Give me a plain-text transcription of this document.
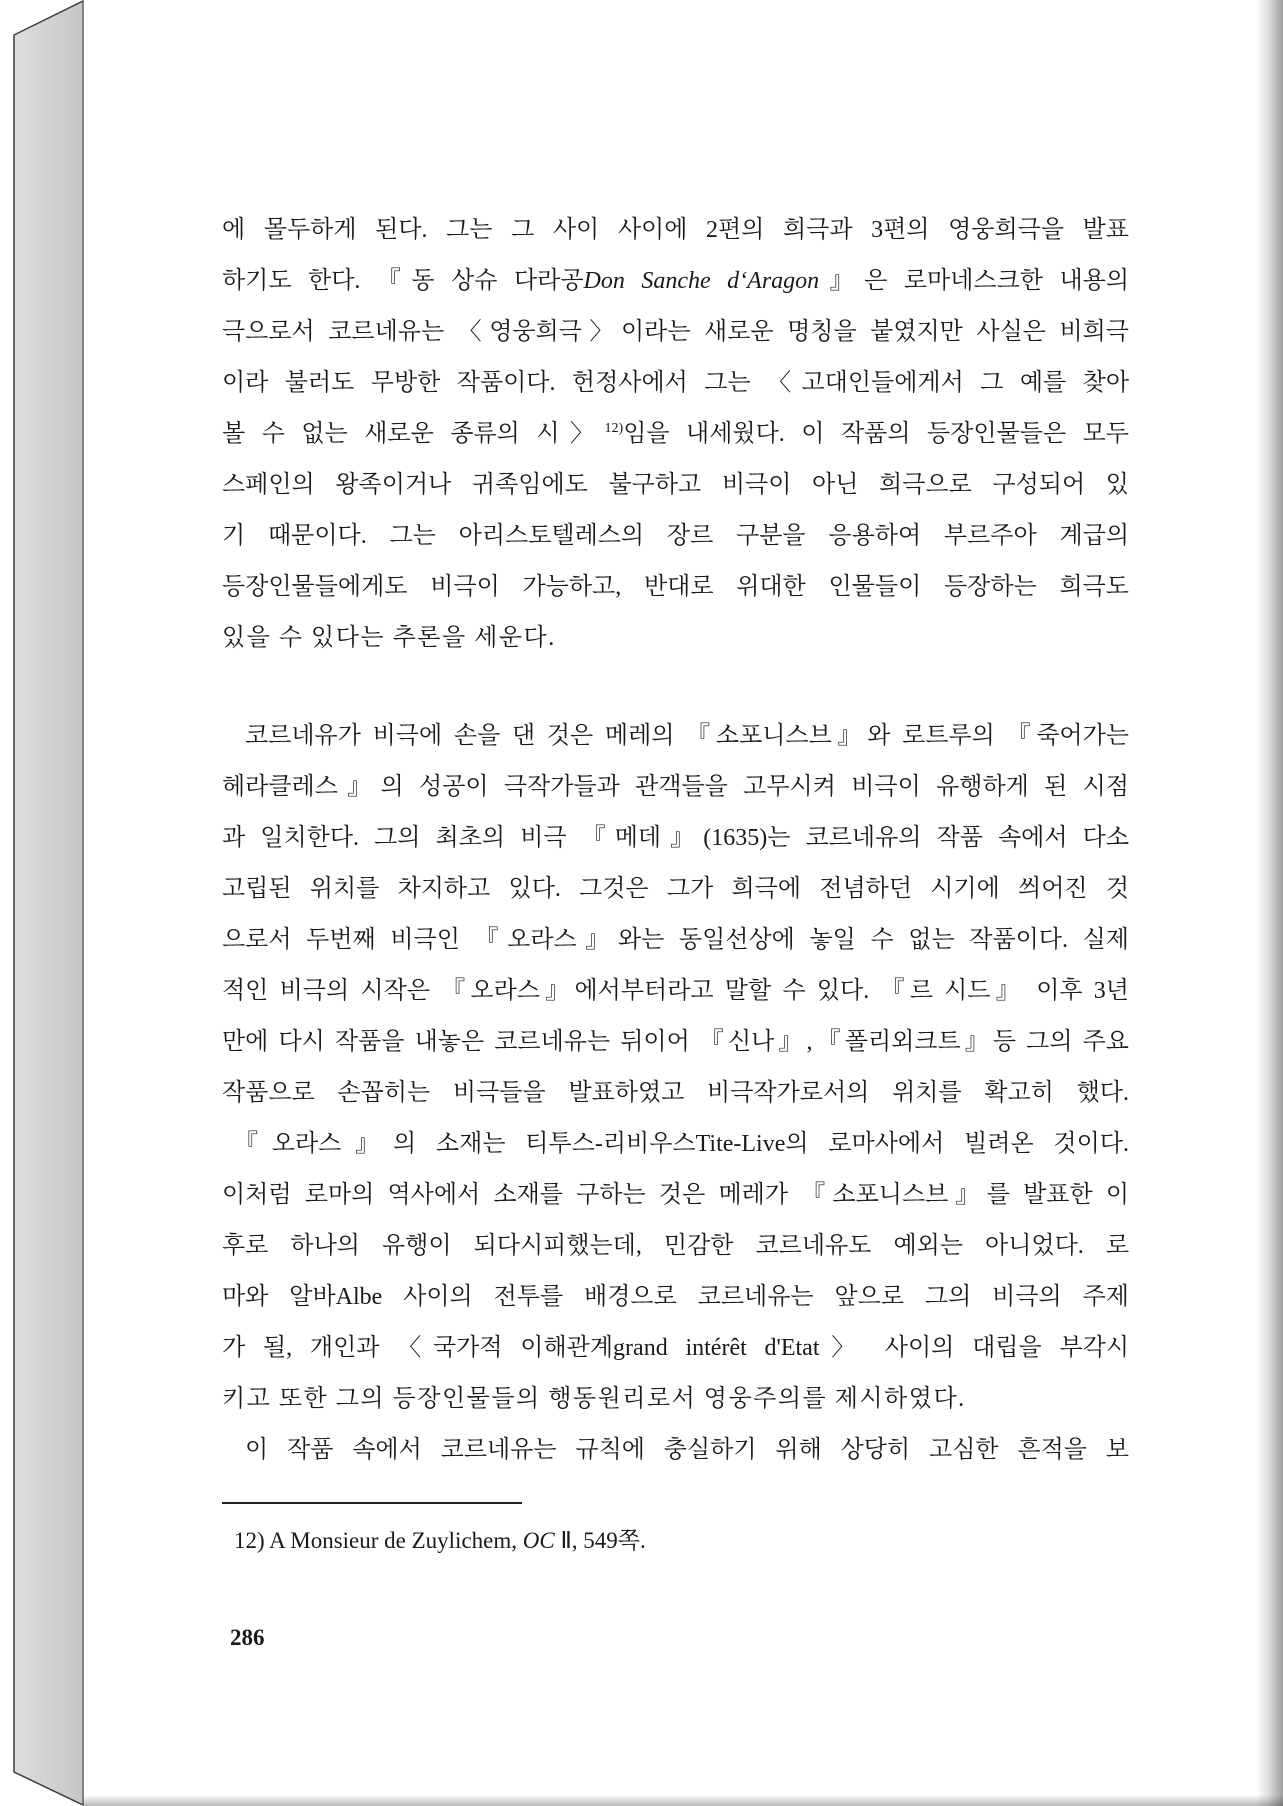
에 몰두하게 된다. 그는 그 사이 사이에 2편의 희극과 3편의 영웅희극을 발표
하기도 한다. 『동 상슈 다라공Don Sanche d‘Aragon』은 로마네스크한 내용의
극으로서 코르네유는 〈영웅희극〉이라는 새로운 명칭을 붙였지만 사실은 비희극
이라 불러도 무방한 작품이다. 헌정사에서 그는 〈고대인들에게서 그 예를 찾아
볼 수 없는 새로운 종류의 시〉$^{12)}$임을 내세웠다. 이 작품의 등장인물들은 모두
스페인의 왕족이거나 귀족임에도 불구하고 비극이 아닌 희극으로 구성되어 있
기 때문이다. 그는 아리스토텔레스의 장르 구분을 응용하여 부르주아 계급의
등장인물들에게도 비극이 가능하고, 반대로 위대한 인물들이 등장하는 희극도
있을 수 있다는 추론을 세운다.
코르네유가 비극에 손을 댄 것은 메레의 『소포니스브』와 로트루의 『죽어가는
헤라클레스』의 성공이 극작가들과 관객들을 고무시켜 비극이 유행하게 된 시점
과 일치한다. 그의 최초의 비극 『메데』(1635)는 코르네유의 작품 속에서 다소
고립된 위치를 차지하고 있다. 그것은 그가 희극에 전념하던 시기에 씌어진 것
으로서 두번째 비극인 『오라스』와는 동일선상에 놓일 수 없는 작품이다. 실제
적인 비극의 시작은 『오라스』에서부터라고 말할 수 있다. 『르 시드』 이후 3년
만에 다시 작품을 내놓은 코르네유는 뒤이어 『신나』,『폴리외크트』등 그의 주요
작품으로 손꼽히는 비극들을 발표하였고 비극작가로서의 위치를 확고히 했다.
『오라스』의 소재는 티투스-리비우스Tite-Live의 로마사에서 빌려온 것이다.
이처럼 로마의 역사에서 소재를 구하는 것은 메레가 『소포니스브』를 발표한 이
후로 하나의 유행이 되다시피했는데, 민감한 코르네유도 예외는 아니었다. 로
마와 알바Albe 사이의 전투를 배경으로 코르네유는 앞으로 그의 비극의 주제
가 될, 개인과 〈국가적 이해관계grand intérêt d'Etat〉 사이의 대립을 부각시
키고 또한 그의 등장인물들의 행동원리로서 영웅주의를 제시하였다.
이 작품 속에서 코르네유는 규칙에 충실하기 위해 상당히 고심한 흔적을 보
12) A Monsieur de Zuylichem, OC Ⅱ, 549쪽.
286
